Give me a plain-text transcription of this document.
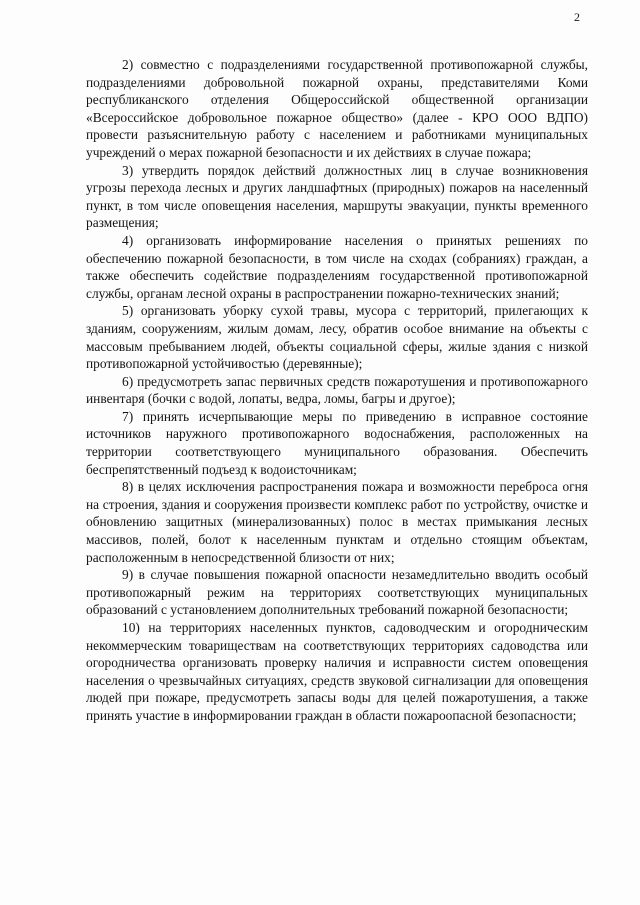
2

2) совместно с подразделениями государственной противопожарной службы, подразделениями добровольной пожарной охраны, представителями Коми республиканского отделения Общероссийской общественной организации «Всероссийское добровольное пожарное общество» (далее - КРО ООО ВДПО) провести разъяснительную работу с населением и работниками муниципальных учреждений о мерах пожарной безопасности и их действиях в случае пожара;

3) утвердить порядок действий должностных лиц в случае возникновения угрозы перехода лесных и других ландшафтных (природных) пожаров на населенный пункт, в том числе оповещения населения, маршруты эвакуации, пункты временного размещения;

4) организовать информирование населения о принятых решениях по обеспечению пожарной безопасности, в том числе на сходах (собраниях) граждан, а также обеспечить содействие подразделениям государственной противопожарной службы, органам лесной охраны в распространении пожарно-технических знаний;

5) организовать уборку сухой травы, мусора с территорий, прилегающих к зданиям, сооружениям, жилым домам, лесу, обратив особое внимание на объекты с массовым пребыванием людей, объекты социальной сферы, жилые здания с низкой противопожарной устойчивостью (деревянные);

6) предусмотреть запас первичных средств пожаротушения и противопожарного инвентаря (бочки с водой, лопаты, ведра, ломы, багры и другое);

7) принять исчерпывающие меры по приведению в исправное состояние источников наружного противопожарного водоснабжения, расположенных на территории соответствующего муниципального образования. Обеспечить беспрепятственный подъезд к водоисточникам;

8) в целях исключения распространения пожара и возможности переброса огня на строения, здания и сооружения произвести комплекс работ по устройству, очистке и обновлению защитных (минерализованных) полос в местах примыкания лесных массивов, полей, болот к населенным пунктам и отдельно стоящим объектам, расположенным в непосредственной близости от них;

9) в случае повышения пожарной опасности незамедлительно вводить особый противопожарный режим на территориях соответствующих муниципальных образований с установлением дополнительных требований пожарной безопасности;

10) на территориях населенных пунктов, садоводческим и огородническим некоммерческим товариществам на соответствующих территориях садоводства или огородничества организовать проверку наличия и исправности систем оповещения населения о чрезвычайных ситуациях, средств звуковой сигнализации для оповещения людей при пожаре, предусмотреть запасы воды для целей пожаротушения, а также принять участие в информировании граждан в области пожароопасной безопасности;
